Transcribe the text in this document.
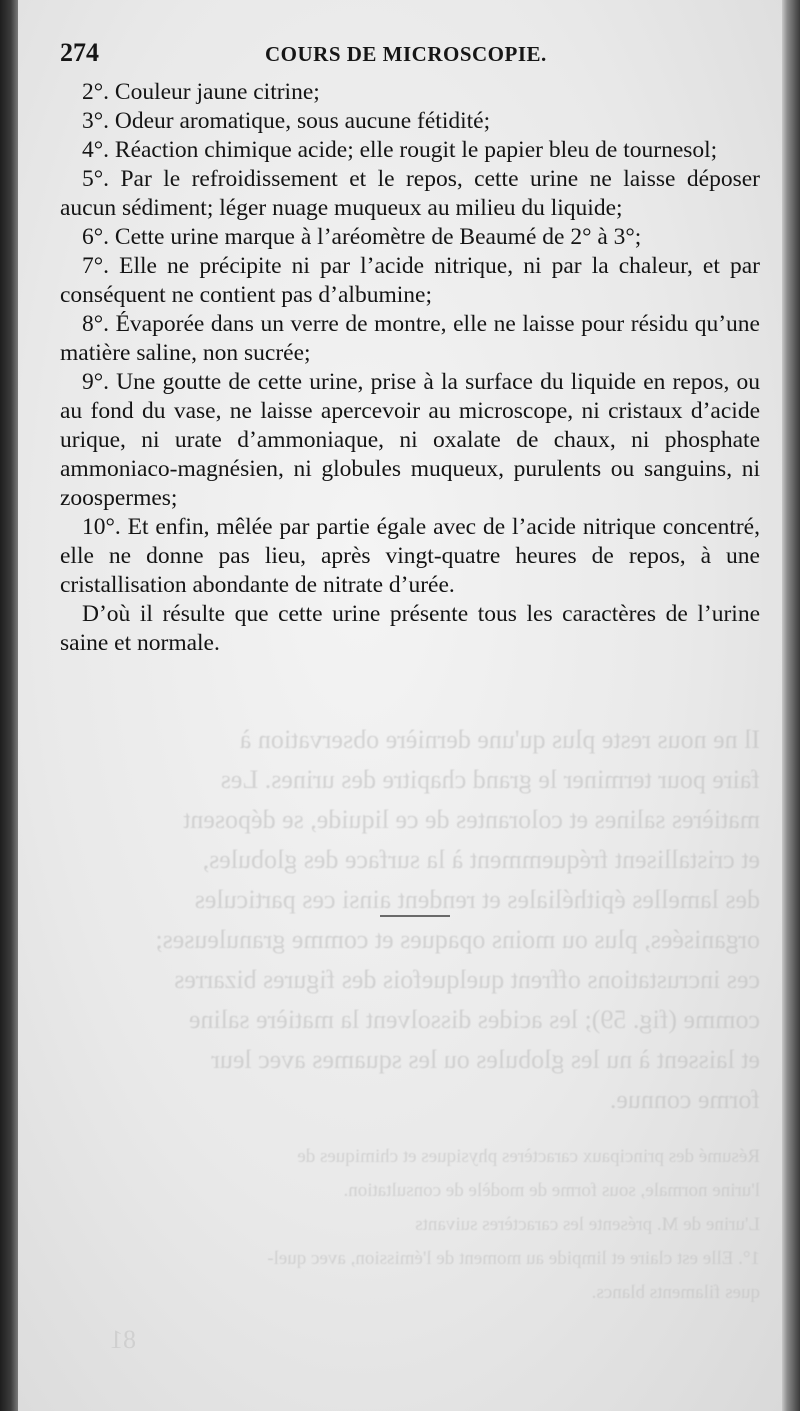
Il ne nous reste plus qu'une dernière observation à
faire pour terminer le grand chapitre des urines. Les
matières salines et colorantes de ce liquide, se déposent
et cristallisent fréquemment à la surface des globules,
des lamelles épithéliales et rendent ainsi ces particules
organisées, plus ou moins opaques et comme granuleuses;
ces incrustations offrent quelquefois des figures bizarres
comme (fig. 59); les acides dissolvent la matière saline
et laissent à nu les globules ou les squames avec leur
forme connue.
Résumé des principaux caractères physiques et chimiques de
l'urine normale, sous forme de modèle de consultation.
L'urine de M. présente les caractères suivants
1°. Elle est claire et limpide au moment de l'émission, avec quel-
ques filaments blancs.
81
274	COURS DE MICROSCOPIE.

2°. Couleur jaune citrine;

3°. Odeur aromatique, sous aucune fétidité;

4°. Réaction chimique acide; elle rougit le papier bleu de tournesol;

5°. Par le refroidissement et le repos, cette urine ne laisse déposer aucun sédiment; léger nuage muqueux au milieu du liquide;

6°. Cette urine marque à l’aréomètre de Beaumé de 2° à 3°;

7°. Elle ne précipite ni par l’acide nitrique, ni par la chaleur, et par conséquent ne contient pas d’albumine;

8°. Évaporée dans un verre de montre, elle ne laisse pour résidu qu’une matière saline, non sucrée;

9°. Une goutte de cette urine, prise à la surface du liquide en repos, ou au fond du vase, ne laisse apercevoir au microscope, ni cristaux d’acide urique, ni urate d’ammoniaque, ni oxalate de chaux, ni phosphate ammoniaco-magnésien, ni globules muqueux, purulents ou sanguins, ni zoospermes;

10°. Et enfin, mêlée par partie égale avec de l’acide nitrique concentré, elle ne donne pas lieu, après vingt-quatre heures de repos, à une cristallisation abondante de nitrate d’urée.

D’où il résulte que cette urine présente tous les caractères de l’urine saine et normale.
